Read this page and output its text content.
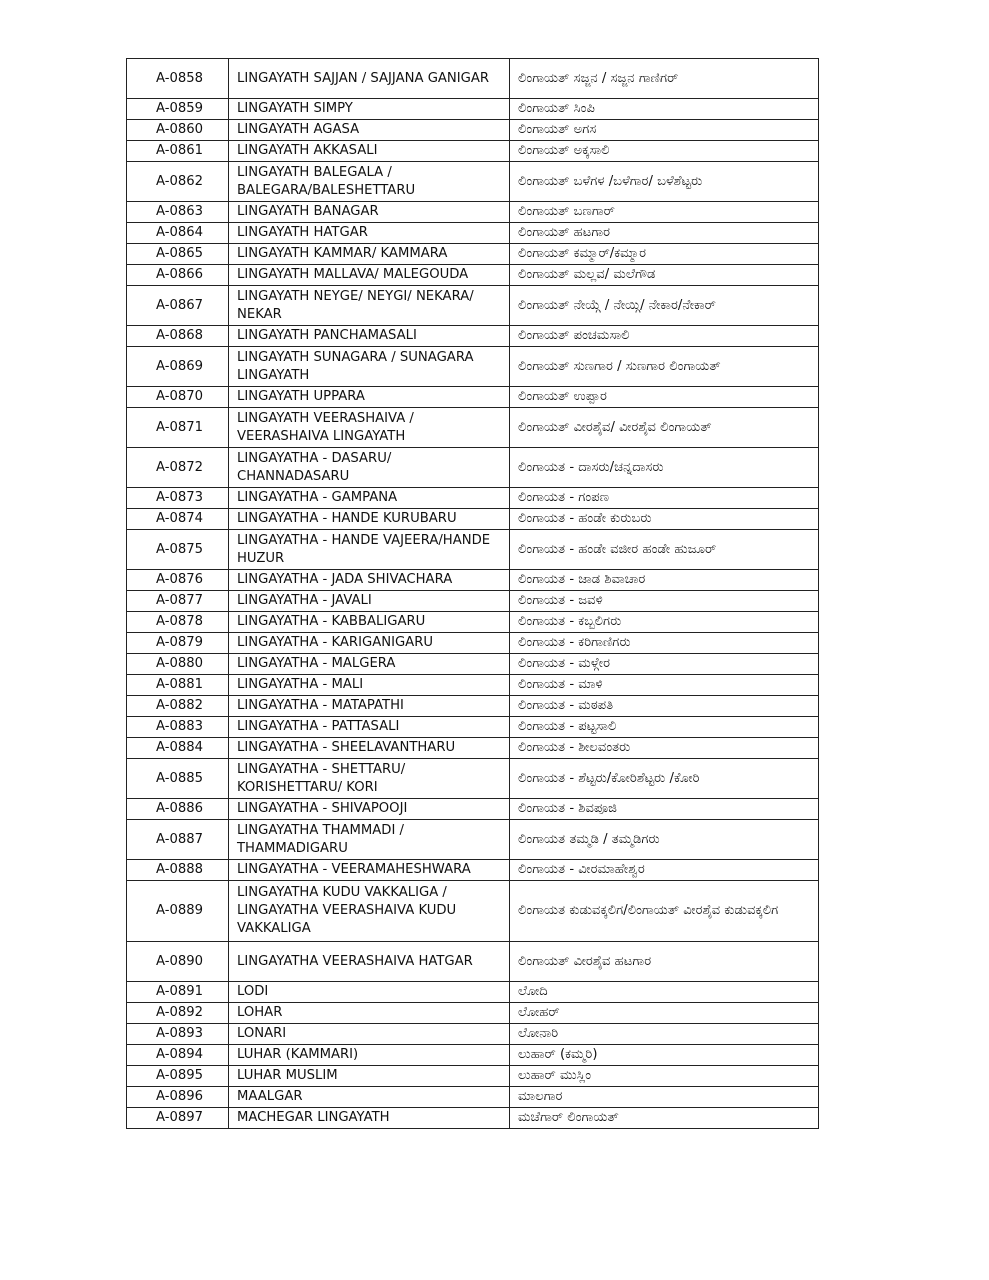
A-0858	LINGAYATH SAJJAN / SAJJANA GANIGAR	ಲಿಂಗಾಯತ್ ಸಜ್ಜನ / ಸಜ್ಜನ ಗಾಣಿಗರ್
A-0859	LINGAYATH SIMPY	ಲಿಂಗಾಯತ್ ಸಿಂಪಿ
A-0860	LINGAYATH AGASA	ಲಿಂಗಾಯತ್ ಅಗಸ
A-0861	LINGAYATH AKKASALI	ಲಿಂಗಾಯತ್ ಅಕ್ಕಸಾಲಿ
A-0862	LINGAYATH BALEGALA / BALEGARA/BALESHETTARU	ಲಿಂಗಾಯತ್ ಬಳೆಗಳ /ಬಳೆಗಾರ/ ಬಳೆಶೆಟ್ಟರು
A-0863	LINGAYATH BANAGAR	ಲಿಂಗಾಯತ್ ಬಣಗಾರ್
A-0864	LINGAYATH HATGAR	ಲಿಂಗಾಯತ್ ಹಟಗಾರ
A-0865	LINGAYATH KAMMAR/ KAMMARA	ಲಿಂಗಾಯತ್ ಕಮ್ಮಾರ್/ಕಮ್ಮಾರ
A-0866	LINGAYATH MALLAVA/ MALEGOUDA	ಲಿಂಗಾಯತ್ ಮಲ್ಲವ/ ಮಲೆಗೌಡ
A-0867	LINGAYATH NEYGE/ NEYGI/ NEKARA/ NEKAR	ಲಿಂಗಾಯತ್ ನೇಯ್ಗೆ / ನೇಯ್ಗಿ/ ನೇಕಾರ/ನೇಕಾರ್
A-0868	LINGAYATH PANCHAMASALI	ಲಿಂಗಾಯತ್ ಪಂಚಮಸಾಲಿ
A-0869	LINGAYATH SUNAGARA / SUNAGARA LINGAYATH	ಲಿಂಗಾಯತ್ ಸುಣಗಾರ / ಸುಣಗಾರ ಲಿಂಗಾಯತ್
A-0870	LINGAYATH UPPARA	ಲಿಂಗಾಯತ್ ಉಪ್ಪಾರ
A-0871	LINGAYATH VEERASHAIVA / VEERASHAIVA LINGAYATH	ಲಿಂಗಾಯತ್ ವೀರಶೈವ/ ವೀರಶೈವ ಲಿಂಗಾಯತ್
A-0872	LINGAYATHA - DASARU/ CHANNADASARU	ಲಿಂಗಾಯತ - ದಾಸರು/ಚನ್ನದಾಸರು
A-0873	LINGAYATHA - GAMPANA	ಲಿಂಗಾಯತ - ಗಂಪಣ
A-0874	LINGAYATHA - HANDE KURUBARU	ಲಿಂಗಾಯತ - ಹಂಡೇ ಕುರುಬರು
A-0875	LINGAYATHA - HANDE VAJEERA/HANDE HUZUR	ಲಿಂಗಾಯತ - ಹಂಡೇ ವಜೀರ ಹಂಡೇ ಹುಜೂರ್
A-0876	LINGAYATHA - JADA SHIVACHARA	ಲಿಂಗಾಯತ - ಜಾಡ ಶಿವಾಚಾರ
A-0877	LINGAYATHA - JAVALI	ಲಿಂಗಾಯತ - ಜವಳಿ
A-0878	LINGAYATHA - KABBALIGARU	ಲಿಂಗಾಯತ - ಕಬ್ಬಲಿಗರು
A-0879	LINGAYATHA - KARIGANIGARU	ಲಿಂಗಾಯತ - ಕರಿಗಾಣಿಗರು
A-0880	LINGAYATHA - MALGERA	ಲಿಂಗಾಯತ - ಮಳ್ಗೇರ
A-0881	LINGAYATHA - MALI	ಲಿಂಗಾಯತ - ಮಾಳಿ
A-0882	LINGAYATHA - MATAPATHI	ಲಿಂಗಾಯತ - ಮಠಪತಿ
A-0883	LINGAYATHA - PATTASALI	ಲಿಂಗಾಯತ - ಪಟ್ಟಸಾಲಿ
A-0884	LINGAYATHA - SHEELAVANTHARU	ಲಿಂಗಾಯತ - ಶೀಲವಂತರು
A-0885	LINGAYATHA - SHETTARU/ KORISHETTARU/ KORI	ಲಿಂಗಾಯತ - ಶೆಟ್ಟರು/ಕೋರಿಶೆಟ್ಟರು /ಕೋರಿ
A-0886	LINGAYATHA - SHIVAPOOJI	ಲಿಂಗಾಯತ - ಶಿವಪೂಜಿ
A-0887	LINGAYATHA THAMMADI / THAMMADIGARU	ಲಿಂಗಾಯತ ತಮ್ಮಡಿ / ತಮ್ಮಡಿಗರು
A-0888	LINGAYATHA - VEERAMAHESHWARA	ಲಿಂಗಾಯತ - ವೀರಮಾಹೇಶ್ವರ
A-0889	LINGAYATHA KUDU VAKKALIGA / LINGAYATHA VEERASHAIVA KUDU VAKKALIGA	ಲಿಂಗಾಯತ ಕುಡುವಕ್ಕಲಿಗ/ಲಿಂಗಾಯತ್ ವೀರಶೈವ ಕುಡುವಕ್ಕಲಿಗ
A-0890	LINGAYATHA VEERASHAIVA HATGAR	ಲಿಂಗಾಯತ್ ವೀರಶೈವ ಹಟಗಾರ
A-0891	LODI	ಲೋದಿ
A-0892	LOHAR	ಲೋಹರ್
A-0893	LONARI	ಲೋನಾರಿ
A-0894	LUHAR (KAMMARI)	ಲುಹಾರ್ (ಕಮ್ಮರಿ)
A-0895	LUHAR MUSLIM	ಲುಹಾರ್ ಮುಸ್ಲಿಂ
A-0896	MAALGAR	ಮಾಲಗಾರ
A-0897	MACHEGAR LINGAYATH	ಮಚೆಗಾರ್ ಲಿಂಗಾಯತ್
